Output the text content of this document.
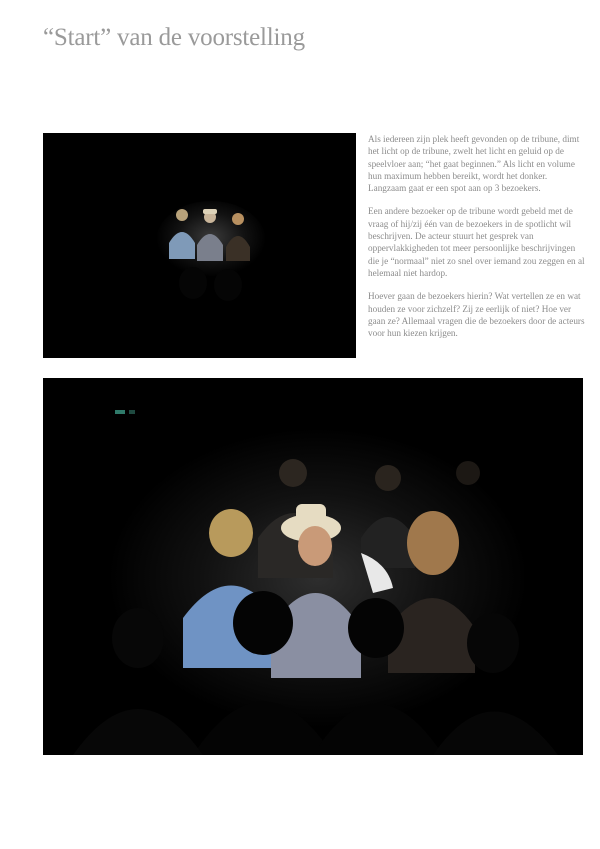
“Start” van de voorstelling

Als iedereen zijn plek heeft gevonden op de tribune, dimt het licht op de tribune, zwelt het licht en geluid op de speelvloer aan; “het gaat beginnen.” Als licht en volume hun maximum hebben bereikt, wordt het donker. Langzaam gaat er een spot aan op 3 bezoekers.

Een andere bezoeker op de tribune wordt gebeld met de vraag of hij/zij één van de bezoekers in de spotlicht wil beschrijven. De acteur stuurt het gesprek van oppervlakkigheden tot meer persoonlijke beschrijvingen die je “normaal” niet zo snel over iemand zou zeggen en al helemaal niet hardop.

Hoever gaan de bezoekers hierin? Wat vertellen ze en wat houden ze voor zichzelf? Zij ze eerlijk of niet? Hoe ver gaan ze? Allemaal vragen die de bezoekers door de acteurs voor hun kiezen krijgen.
